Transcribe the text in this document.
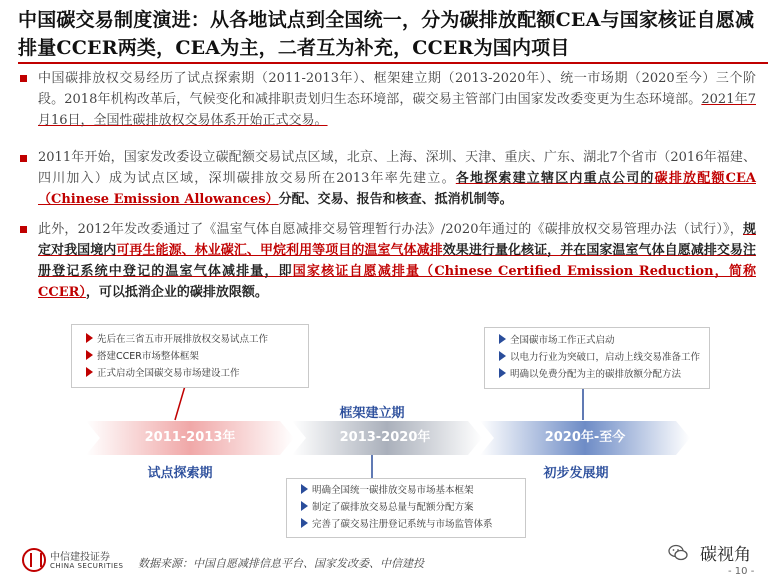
中国碳交易制度演进：从各地试点到全国统一，分为碳排放配额CEA与国家核证自愿减排量CCER两类，CEA为主，二者互为补充，CCER为国内项目
中国碳排放权交易经历了试点探索期（2011-2013年）、框架建立期（2013-2020年）、统一市场期（2020至今）三个阶段。2018年机构改革后，气候变化和减排职责划归生态环境部，碳交易主管部门由国家发改委变更为生态环境部。2021年7月16日，全国性碳排放权交易体系开始正式交易。
2011年开始，国家发改委设立碳配额交易试点区域，北京、上海、深圳、天津、重庆、广东、湖北7个省市（2016年福建、四川加入）成为试点区域，深圳碳排放交易所在2013年率先建立。各地探索建立辖区内重点公司的碳排放配额CEA（Chinese Emission Allowances）分配、交易、报告和核查、抵消机制等。
此外，2012年发改委通过了《温室气体自愿减排交易管理暂行办法》/2020年通过的《碳排放权交易管理办法（试行）》，规定对我国境内可再生能源、林业碳汇、甲烷利用等项目的温室气体减排效果进行量化核证，并在国家温室气体自愿减排交易注册登记系统中登记的温室气体减排量，即国家核证自愿减排量（Chinese Certified Emission Reduction，简称CCER），可以抵消企业的碳排放限额。
2011-2013年	2013-2020年	2020年-至今
试点探索期
框架建立期
初步发展期
先后在三省五市开展排放权交易试点工作
搭建CCER市场整体框架
正式启动全国碳交易市场建设工作
明确全国统一碳排放交易市场基本框架
制定了碳排放交易总量与配额分配方案
完善了碳交易注册登记系统与市场监管体系
全国碳市场工作正式启动
以电力行业为突破口，启动上线交易准备工作
明确以免费分配为主的碳排放额分配方法
中信建投证券
CHINA SECURITIES 数据来源：中国自愿减排信息平台、国家发改委、中信建投	碳视角
- 10 -
